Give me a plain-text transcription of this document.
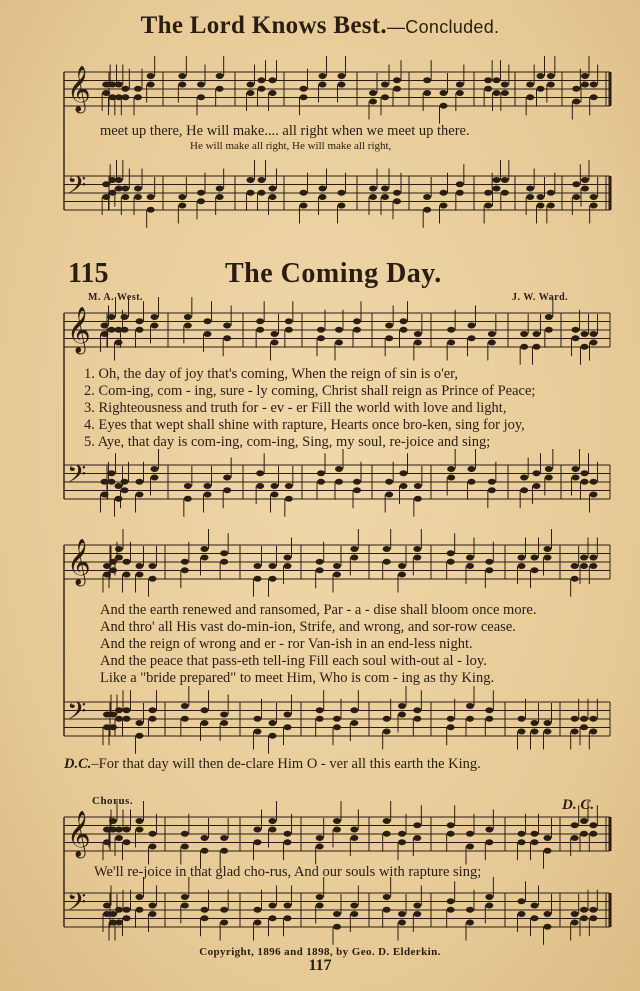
The Lord Knows Best.—Concluded.
𝄞
𝄢
𝄞
𝄢
𝄞
𝄢
𝄞
𝄢
meet up there, He will make.... all right when we meet up there.
He will make all right, He will make all right,
115	The Coming Day.
M. A. West.	J. W. Ward.
1. Oh, the day of joy that's coming, When the reign of sin is o'er,
2. Com-ing, com - ing, sure - ly coming, Christ shall reign as Prince of Peace;
3. Righteousness and truth for - ev - er Fill the world with love and light,
4. Eyes that wept shall shine with rapture, Hearts once bro-ken, sing for joy,
5. Aye, that day is com-ing, com-ing, Sing, my soul, re-joice and sing;
And the earth renewed and ransomed, Par - a - dise shall bloom once more.
And thro' all His vast do-min-ion, Strife, and wrong, and sor-row cease.
And the reign of wrong and er - ror Van-ish in an end-less night.
And the peace that pass-eth tell-ing Fill each soul with-out al - loy.
Like a "bride prepared" to meet Him, Who is com - ing as thy King.
D.C.–For that day will then de-clare Him O - ver all this earth the King.
Chorus.	D. C.
We'll re-joice in that glad cho-rus, And our souls with rapture sing;
Copyright, 1896 and 1898, by Geo. D. Elderkin.
117
